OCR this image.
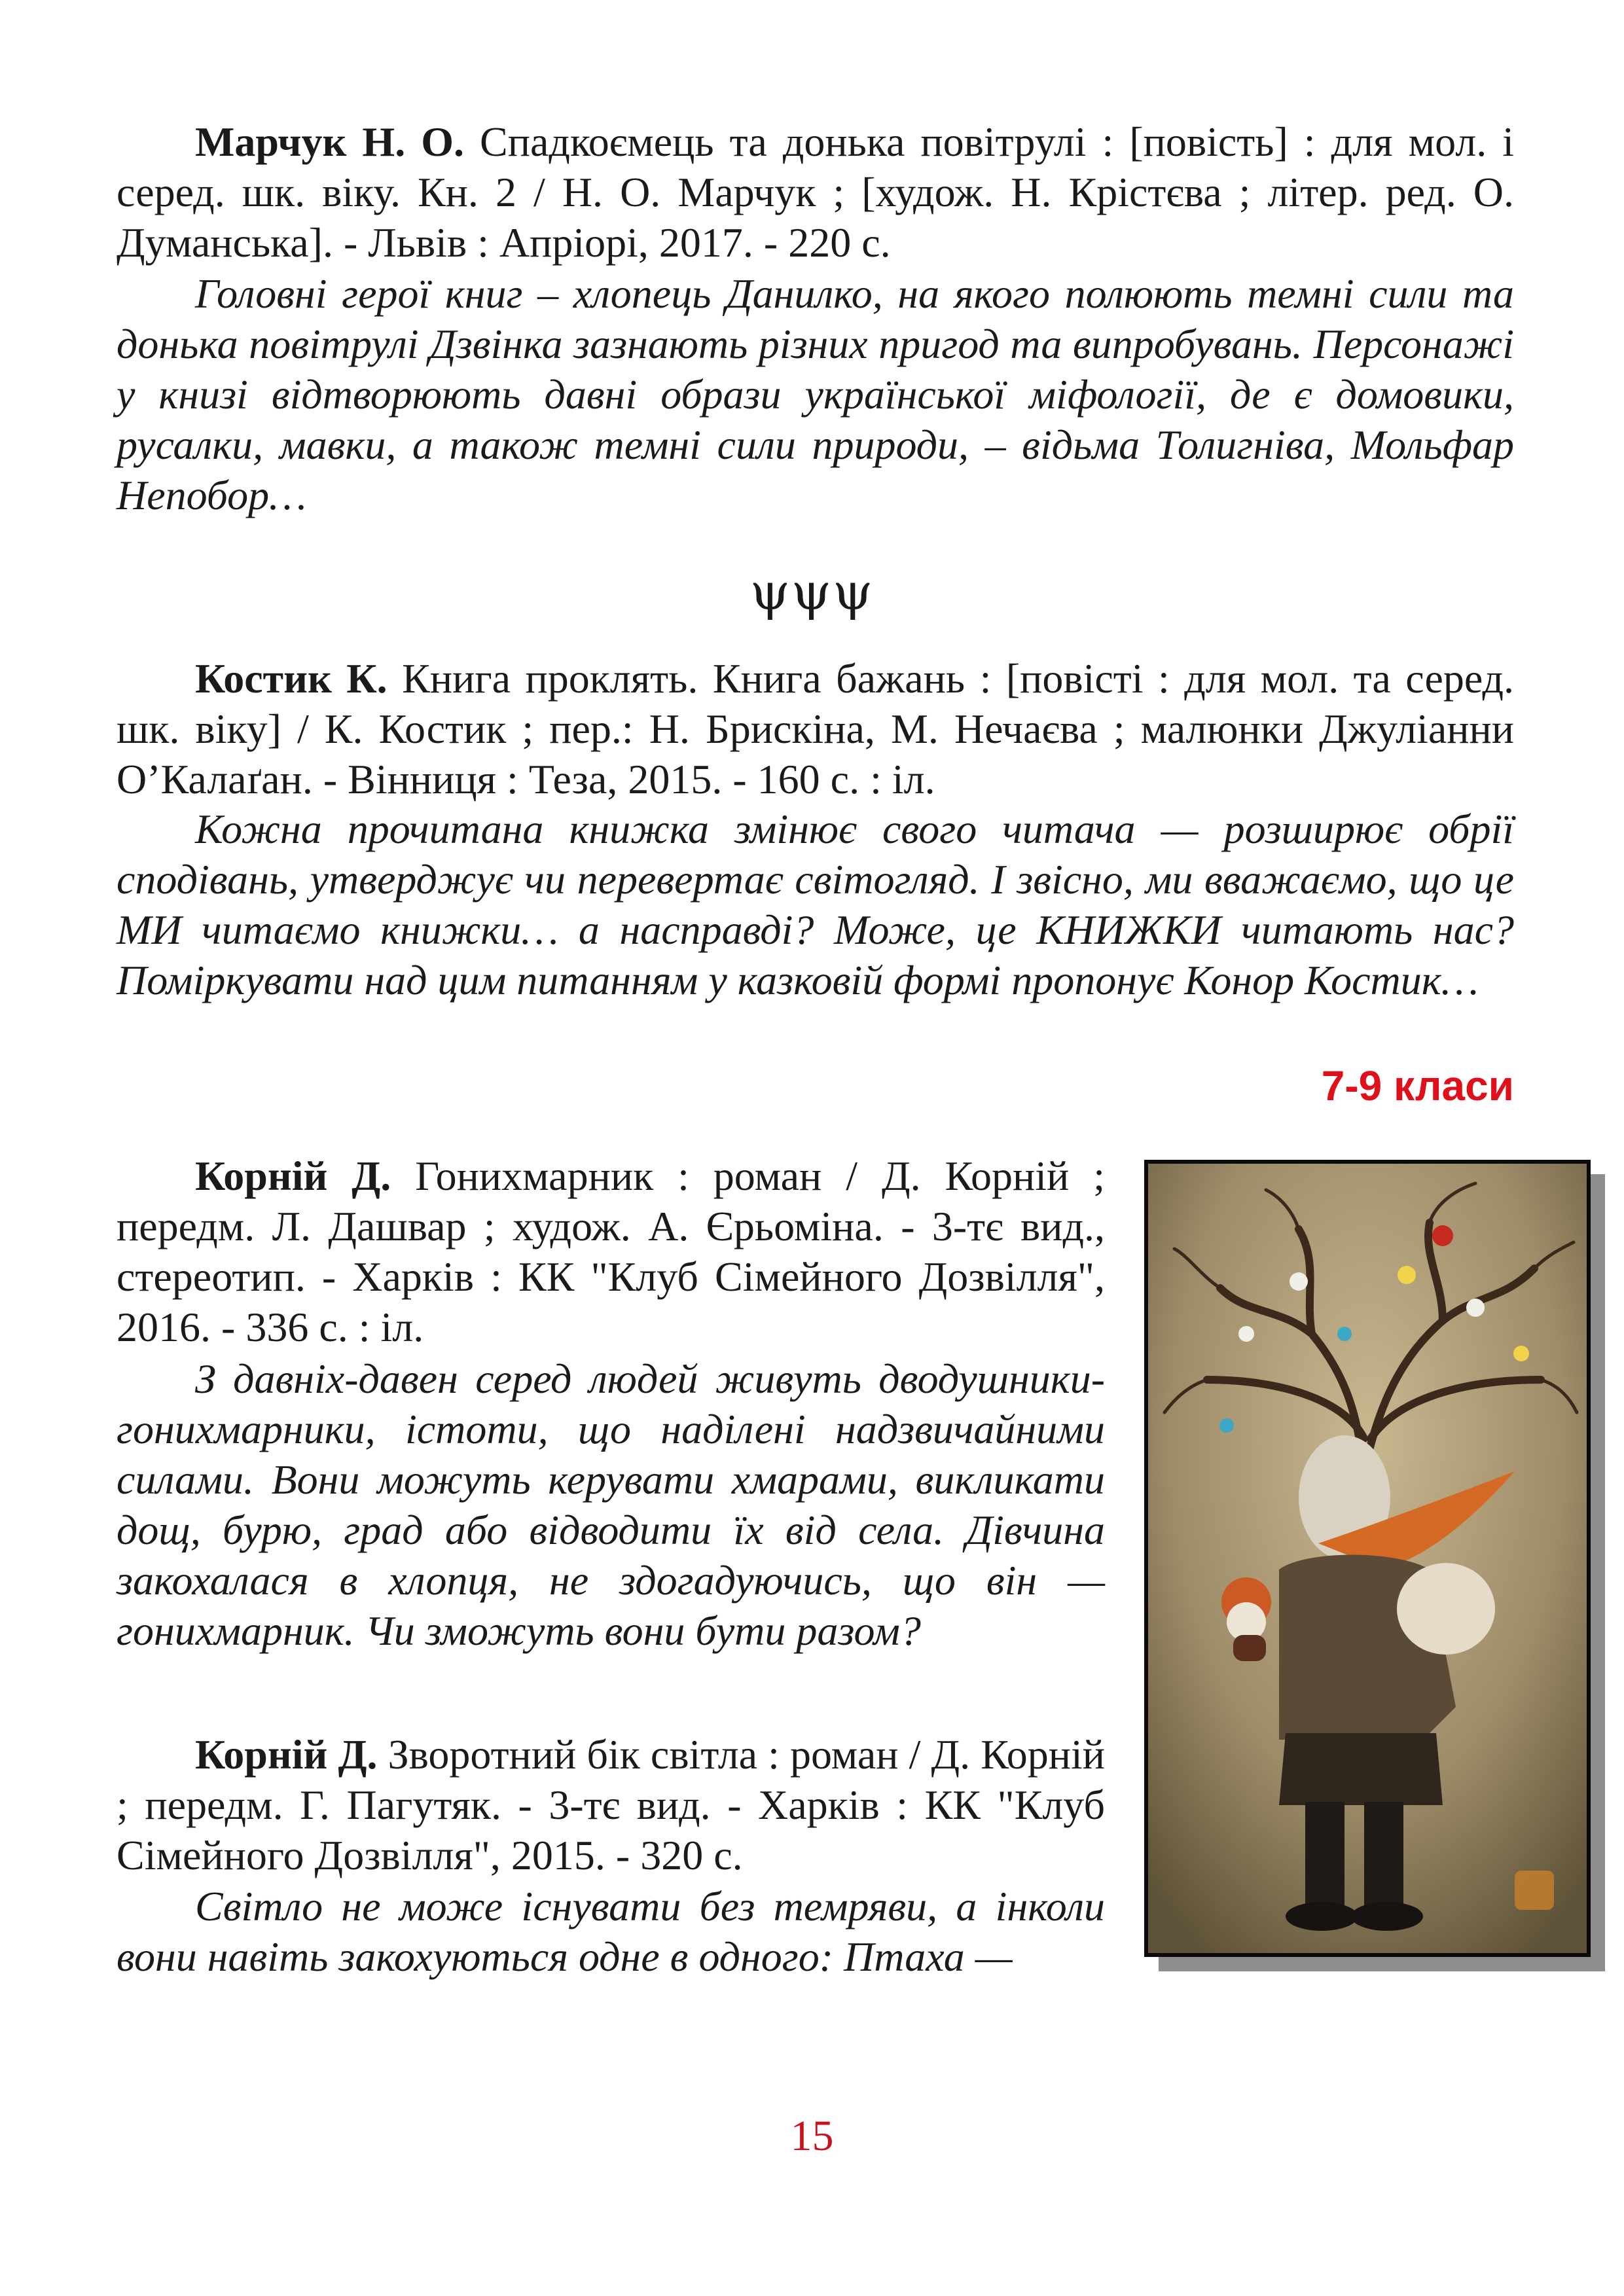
Марчук Н. О. Спадкоємець та донька повітрулі : [повість] : для мол. і серед. шк. віку. Кн. 2 / Н. О. Марчук ; [худож. Н. Крістєва ; літер. ред. О. Думанська]. - Львів : Апріорі, 2017. - 220 с.

Головні герої книг – хлопець Данилко, на якого полюють темні сили та донька повітрулі Дзвінка зазнають різних пригод та випробувань. Персонажі у книзі відтворюють давні образи української міфології, де є домовики, русалки, мавки, а також темні сили природи, – відьма Толигніва, Мольфар Непобор…

ψψψ

Костик К. Книга проклять. Книга бажань : [повісті : для мол. та серед. шк. віку] / К. Костик ; пер.: Н. Брискіна, М. Нечаєва ; малюнки Джуліанни О’Калаґан. - Вінниця : Теза, 2015. - 160 с. : іл.

Кожна прочитана книжка змінює свого читача — розширює обрії сподівань, утверджує чи перевертає світогляд. І звісно, ми вважаємо, що це МИ читаємо книжки… а насправді? Може, це КНИЖКИ читають нас? Поміркувати над цим питанням у казковій формі пропонує Конор Костик…

7-9 класи

Корній Д. Гонихмарник : роман / Д. Корній ; передм. Л. Дашвар ; худож. А. Єрьоміна. - 3-тє вид., стереотип. - Харків : КК "Клуб Сімейного Дозвілля", 2016. - 336 с. : іл.

З давніх-давен серед людей живуть дводушники-гонихмарники, істоти, що наділені надзвичайними силами. Вони можуть керувати хмарами, викликати дощ, бурю, град або відводити їх від села. Дівчина закохалася в хлопця, не здогадуючись, що він — гонихмарник. Чи зможуть вони бути разом?

Корній Д. Зворотний бік світла : роман / Д. Корній ; передм. Г. Пагутяк. - 3-тє вид. - Харків : КК "Клуб Сімейного Дозвілля", 2015. - 320 с.

Світло не може існувати без темряви, а інколи вони навіть закохуються одне в одного: Птаха —

15
